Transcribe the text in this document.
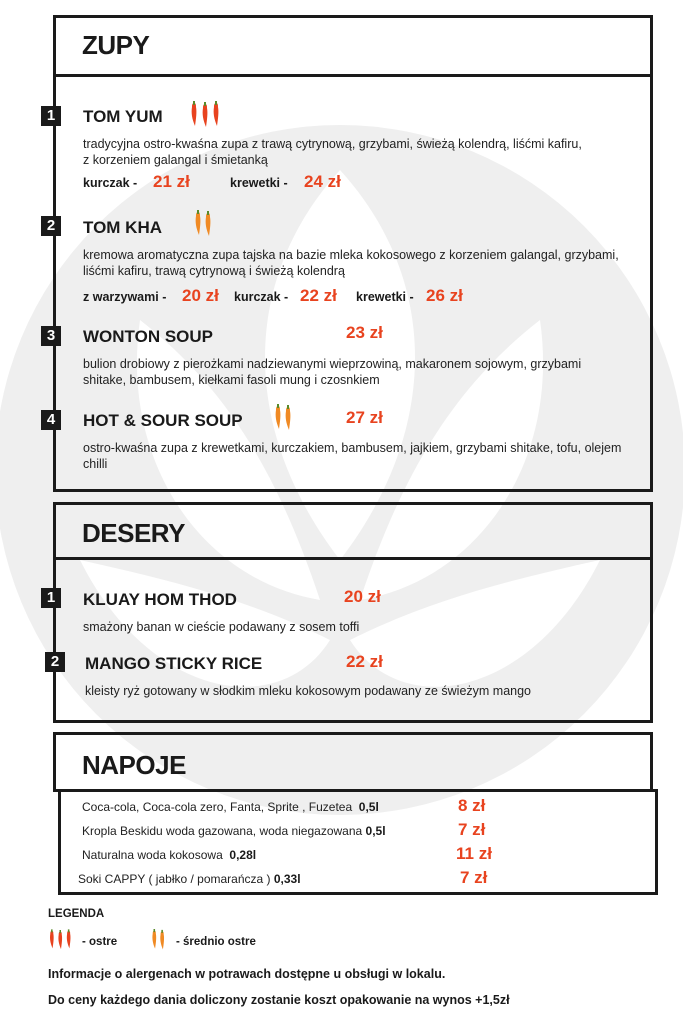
ZUPY
1	TOM YUM
tradycyjna ostro-kwaśna zupa z trawą cytrynową, grzybami, świeżą kolendrą, liśćmi kafiru, z korzeniem galangal i śmietanką
kurczak - 21 zł	krewetki - 24 zł
2	TOM KHA
kremowa aromatyczna zupa tajska na bazie mleka kokosowego z korzeniem galangal, grzybami, liśćmi kafiru, trawą cytrynową i świeżą kolendrą
z warzywami - 20 zł kurczak - 22 zł krewetki - 26 zł
3	WONTON SOUP	23 zł
bulion drobiowy z pierożkami nadziewanymi wieprzowiną, makaronem sojowym, grzybami shitake, bambusem, kiełkami fasoli mung i czosnkiem
4	HOT & SOUR SOUP	27 zł
ostro-kwaśna zupa z krewetkami, kurczakiem, bambusem, jajkiem, grzybami shitake, tofu, olejem chilli
DESERY
1	KLUAY HOM THOD	20 zł
smażony banan w cieście podawany z sosem toffi
2	MANGO STICKY RICE	22 zł
kleisty ryż gotowany w słodkim mleku kokosowym podawany ze świeżym mango
NAPOJE
Coca-cola, Coca-cola zero, Fanta, Sprite , Fuzetea 0,5l	8 zł
Kropla Beskidu woda gazowana, woda niegazowana 0,5l	7 zł
Naturalna woda kokosowa 0,28l	11 zł
Soki CAPPY ( jabłko / pomarańcza ) 0,33l	7 zł
LEGENDA
- ostre	- średnio ostre
Informacje o alergenach w potrawach dostępne u obsługi w lokalu.
Do ceny każdego dania doliczony zostanie koszt opakowanie na wynos +1,5zł
